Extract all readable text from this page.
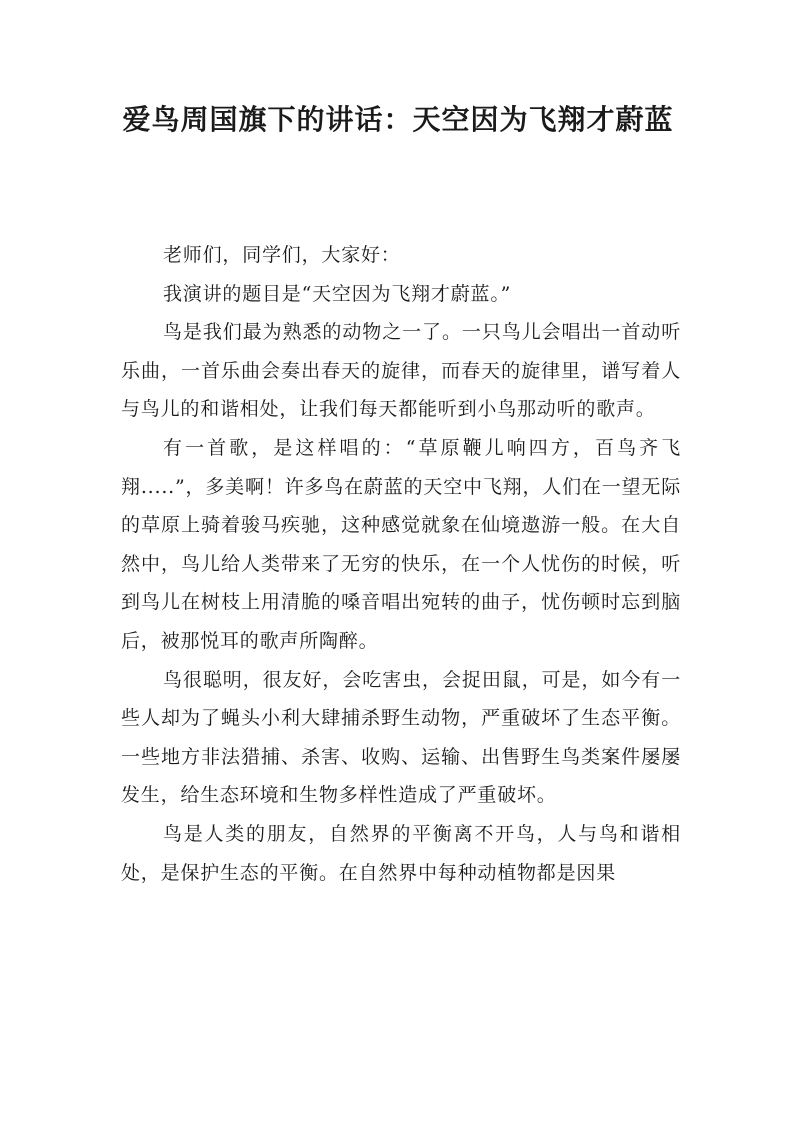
爱鸟周国旗下的讲话：天空因为飞翔才蔚蓝

老师们，同学们，大家好：

我演讲的题目是“天空因为飞翔才蔚蓝。”

鸟是我们最为熟悉的动物之一了。一只鸟儿会唱出一首动听乐曲，一首乐曲会奏出春天的旋律，而春天的旋律里，谱写着人与鸟儿的和谐相处，让我们每天都能听到小鸟那动听的歌声。

有一首歌，是这样唱的：“草原鞭儿响四方，百鸟齐飞翔.....”，多美啊！许多鸟在蔚蓝的天空中飞翔，人们在一望无际的草原上骑着骏马疾驰，这种感觉就象在仙境遨游一般。在大自然中，鸟儿给人类带来了无穷的快乐，在一个人忧伤的时候，听到鸟儿在树枝上用清脆的嗓音唱出宛转的曲子，忧伤顿时忘到脑后，被那悦耳的歌声所陶醉。

鸟很聪明，很友好，会吃害虫，会捉田鼠，可是，如今有一些人却为了蝇头小利大肆捕杀野生动物，严重破坏了生态平衡。一些地方非法猎捕、杀害、收购、运输、出售野生鸟类案件屡屡发生，给生态环境和生物多样性造成了严重破坏。

鸟是人类的朋友，自然界的平衡离不开鸟，人与鸟和谐相处，是保护生态的平衡。在自然界中每种动植物都是因果
